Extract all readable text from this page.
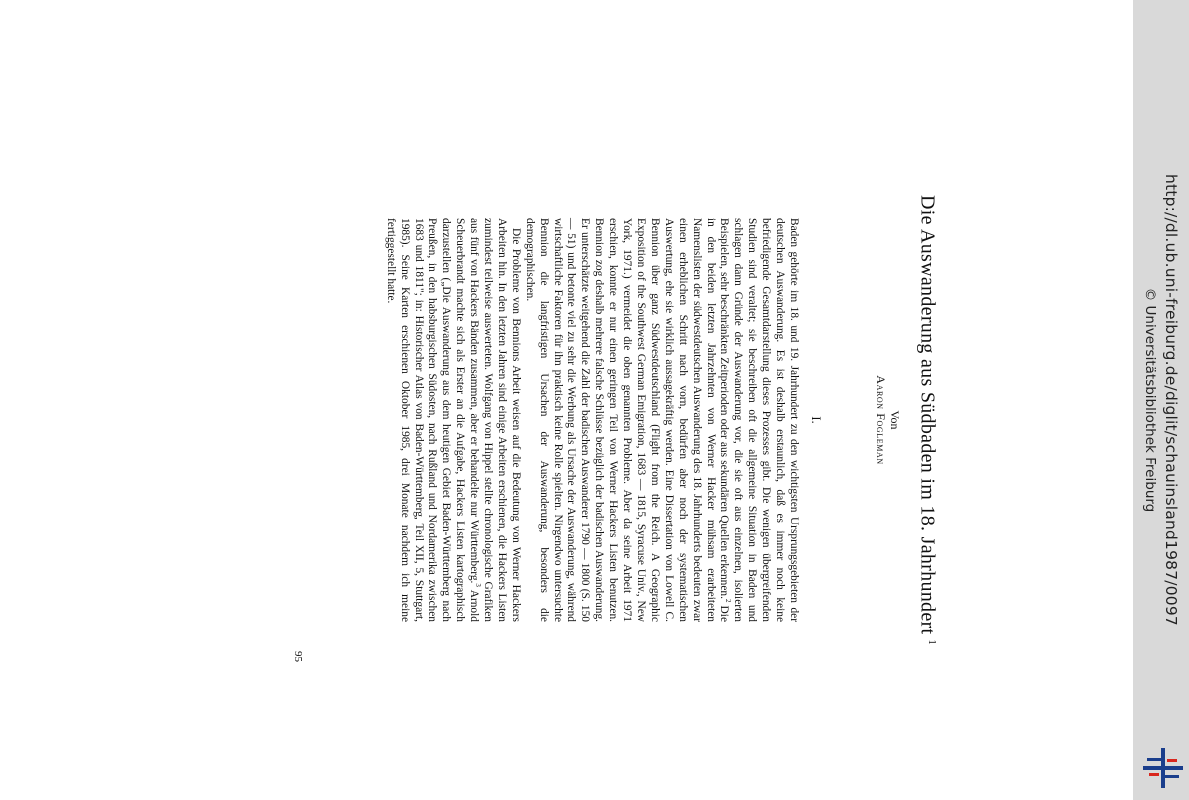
Die Auswanderung aus Südbaden im 18. Jahrhundert $^1$
Von
Aaron Fogleman
I.

Baden gehörte im 18. und 19. Jahrhundert zu den wichtigsten Ursprungsgebieten der deutschen Auswanderung. Es ist deshalb erstaunlich, daß es immer noch keine befriedigende Gesamtdarstellung dieses Prozesses gibt. Die wenigen übergreifenden Studien sind veraltet; sie beschreiben oft die allgemeine Situation in Baden und schlagen dann Gründe der Auswanderung vor, die sie oft aus einzelnen, isolierten Beispielen, sehr beschränkten Zeitperioden oder aus sekundären Quellen erkennen.$^2$ Die in den beiden letzten Jahrzehnten von Werner Hacker mühsam erarbeiteten Namenslisten der südwestdeutschen Auswanderung des 18. Jahrhunderts bedeuten zwar einen erheblichen Schritt nach vorn, bedürfen aber noch der systematischen Auswertung, ehe sie wirklich aussagekräftig werden. Eine Dissertation von Lowell C. Bennion über ganz Südwestdeutschland (Flight from the Reich. A Geographic Exposition of the Southwest German Emigration, 1683 — 1815, Syracuse Univ., New York, 1971.) vermeidet die oben genannten Probleme. Aber da seine Arbeit 1971 erschien, konnte er nur einen geringen Teil von Werner Hackers Listen benutzen. Bennion zog deshalb mehrere falsche Schlüsse bezüglich der badischen Auswanderung. Er unterschätzte weitgehend die Zahl der badischen Auswanderer 1790 — 1800 (S. 150 — 51) und betonte viel zu sehr die Werbung als Ursache der Auswanderung, während wirtschaftliche Faktoren für ihn praktisch keine Rolle spielten. Nirgendwo untersuchte Bennion die langfristigen Ursachen der Auswanderung, besonders die demographischen.

Die Probleme von Bennions Arbeit weisen auf die Bedeutung von Werner Hackers Arbeiten hin. In den letzten Jahren sind einige Arbeiten erschienen, die Hackers Listen zumindest teilweise auswerteten. Wolfgang von Hippel stellte chronologische Grafiken aus fünf von Hackers Bänden zusammen, aber er behandelte nur Württemberg.$^3$ Arnold Scheuerbrandt machte sich als Erster an die Aufgabe, Hackers Listen kartographisch darzustellen („Die Auswanderung aus dem heutigen Gebiet Baden-Württemberg nach Preußen, in den habsburgischen Südosten, nach Rußland und Nordamerika zwischen 1683 und 1811"; in: Historischer Atlas von Baden-Württemberg, Teil XII, 5, Stuttgart, 1985). Seine Karten erschienen Oktober 1985, drei Monate nachdem ich meine fertiggestellt hatte.

95
http://dl.ub.uni-freiburg.de/diglit/schauinsland1987/0097
© Universitätsbibliothek Freiburg
